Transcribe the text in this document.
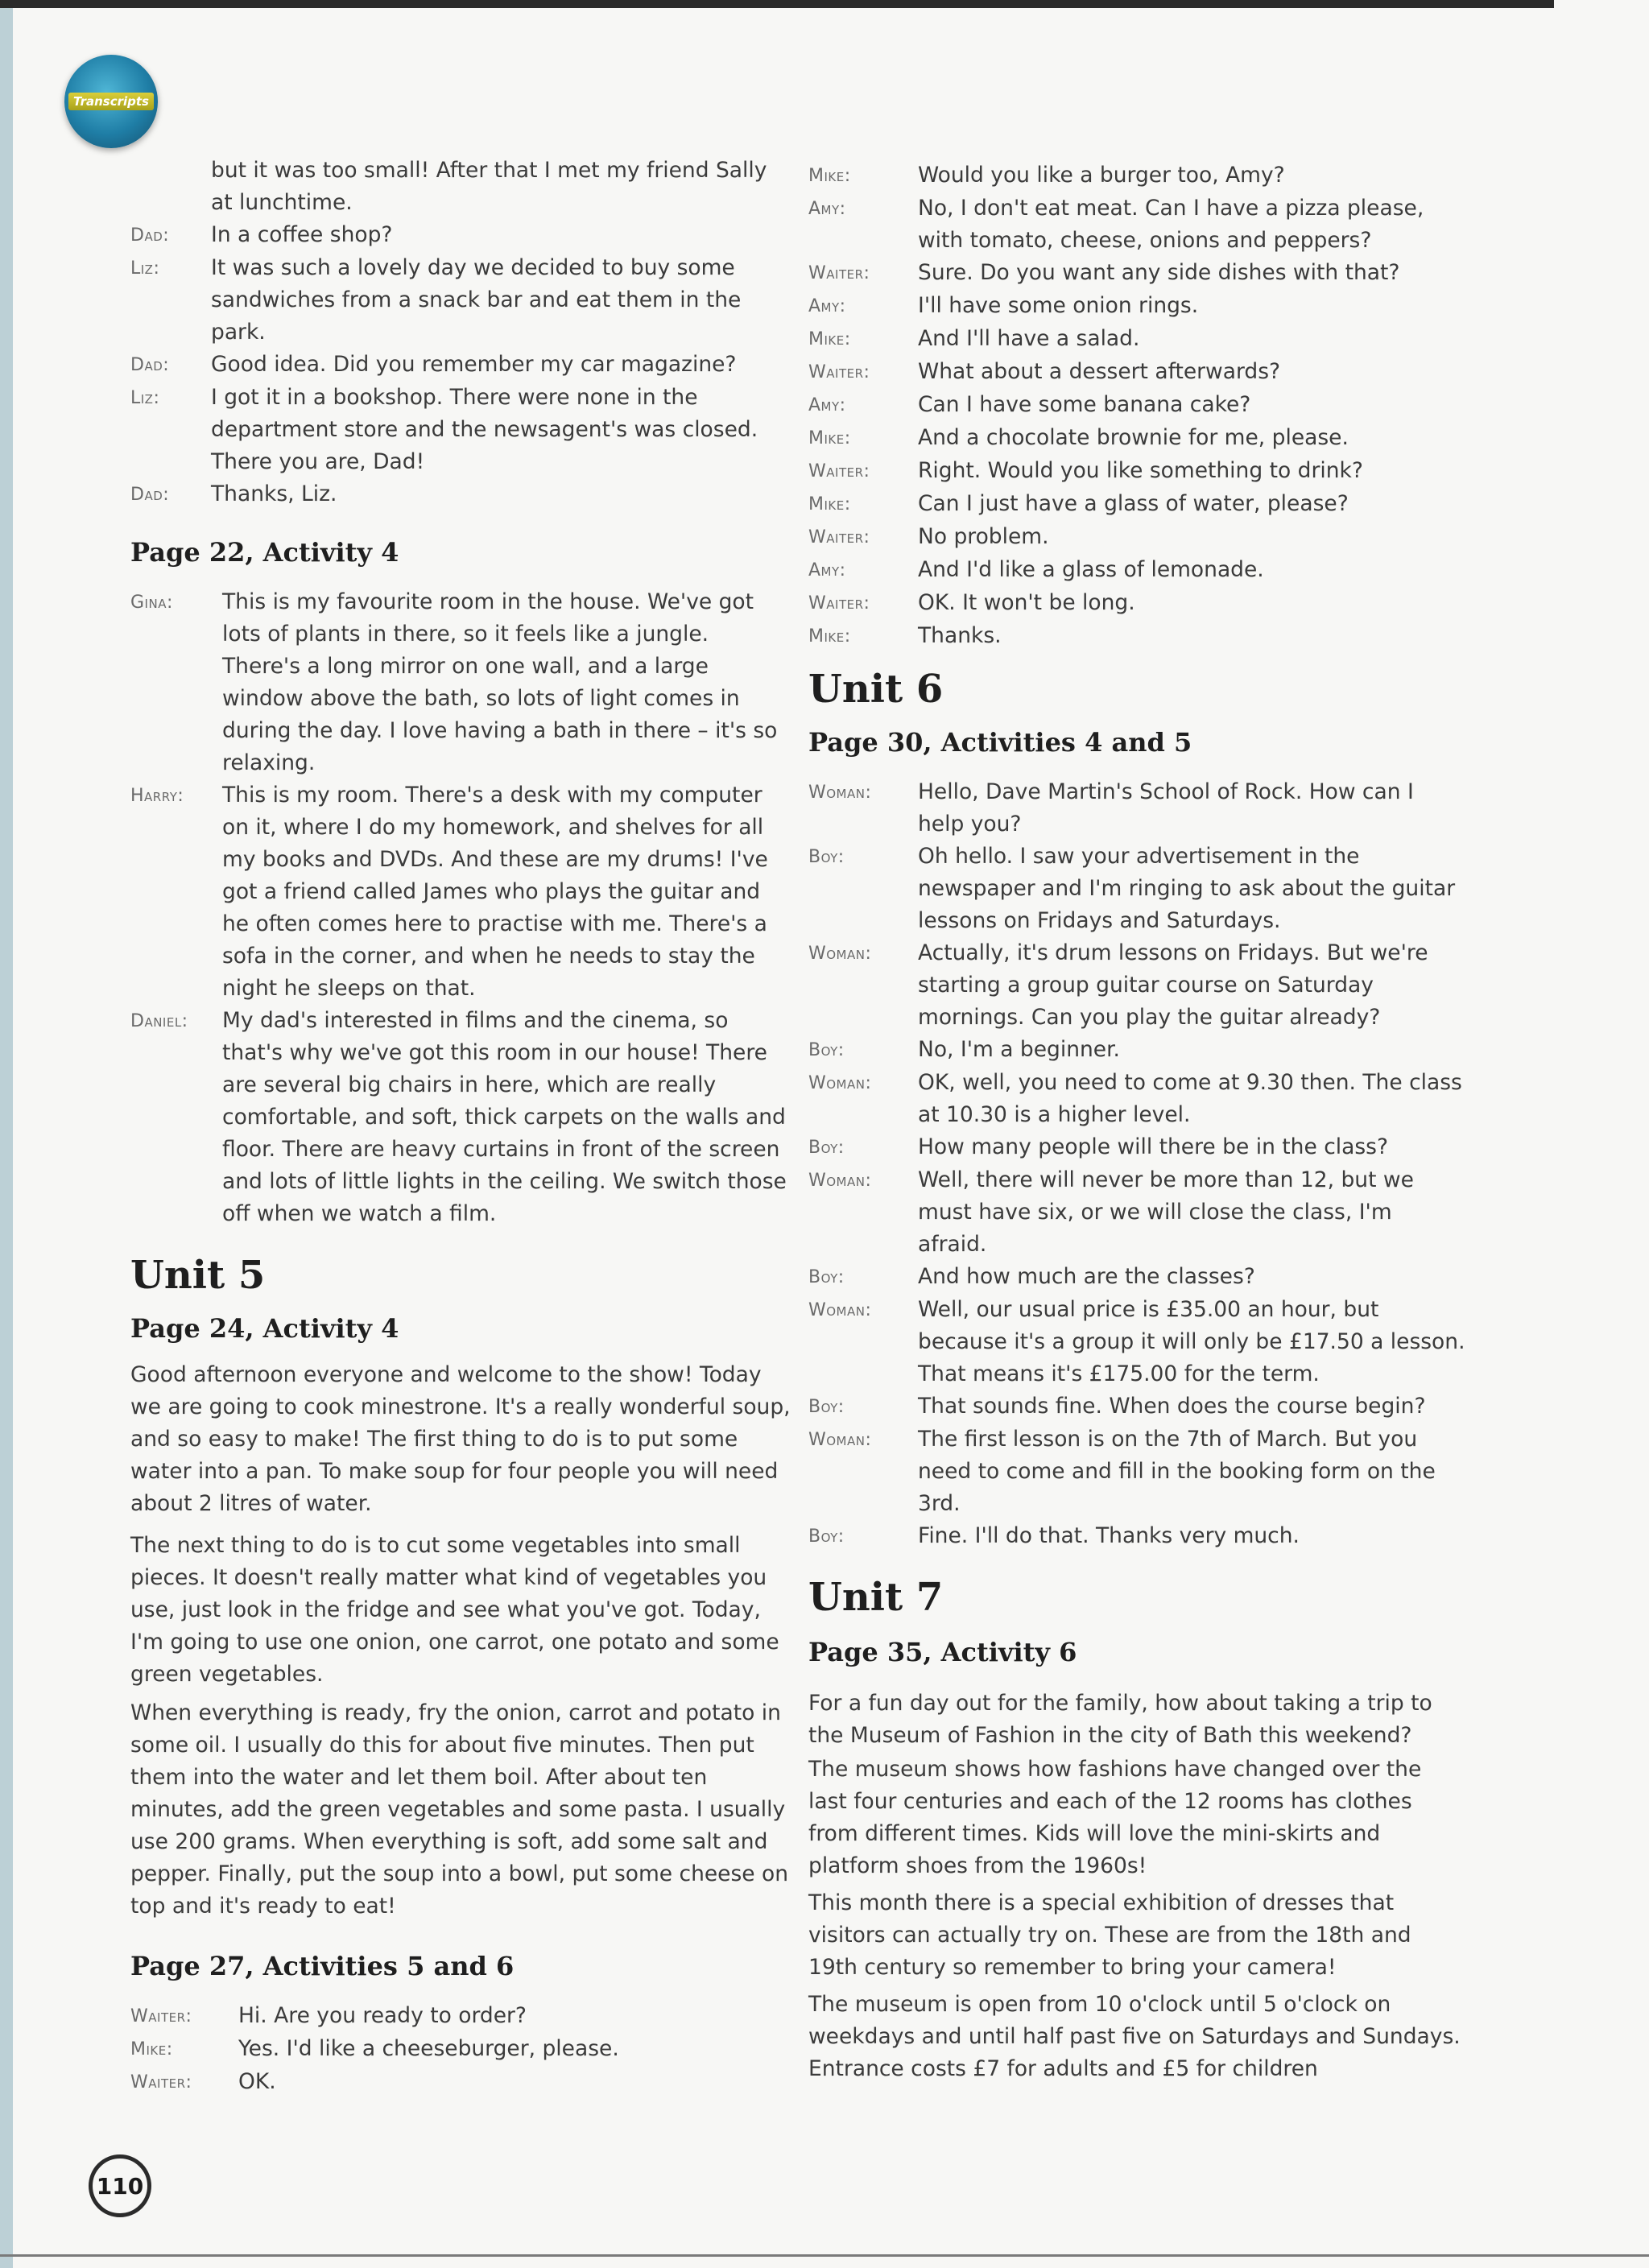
Transcripts
but it was too small! After that I met my friend Sally at lunchtime.
Dad:	In a coffee shop?
Liz:	It was such a lovely day we decided to buy some sandwiches from a snack bar and eat them in the park.
Dad:	Good idea. Did you remember my car magazine?
Liz:	I got it in a bookshop. There were none in the department store and the newsagent's was closed. There you are, Dad!
Dad:	Thanks, Liz.
Page 22, Activity 4
Gina:	This is my favourite room in the house. We've got lots of plants in there, so it feels like a jungle. There's a long mirror on one wall, and a large window above the bath, so lots of light comes in during the day. I love having a bath in there – it's so relaxing.
Harry:	This is my room. There's a desk with my computer on it, where I do my homework, and shelves for all my books and DVDs. And these are my drums! I've got a friend called James who plays the guitar and he often comes here to practise with me. There's a sofa in the corner, and when he needs to stay the night he sleeps on that.
Daniel:	My dad's interested in films and the cinema, so that's why we've got this room in our house! There are several big chairs in here, which are really comfortable, and soft, thick carpets on the walls and floor. There are heavy curtains in front of the screen and lots of little lights in the ceiling. We switch those off when we watch a film.
Unit 5
Page 24, Activity 4

Good afternoon everyone and welcome to the show! Today we are going to cook minestrone. It's a really wonderful soup, and so easy to make! The first thing to do is to put some water into a pan. To make soup for four people you will need about 2 litres of water.

The next thing to do is to cut some vegetables into small pieces. It doesn't really matter what kind of vegetables you use, just look in the fridge and see what you've got. Today, I'm going to use one onion, one carrot, one potato and some green vegetables.

When everything is ready, fry the onion, carrot and potato in some oil. I usually do this for about five minutes. Then put them into the water and let them boil. After about ten minutes, add the green vegetables and some pasta. I usually use 200 grams. When everything is soft, add some salt and pepper. Finally, put the soup into a bowl, put some cheese on top and it's ready to eat!

Page 27, Activities 5 and 6
Waiter:	Hi. Are you ready to order?
Mike:	Yes. I'd like a cheeseburger, please.
Waiter:	OK.
Mike:	Would you like a burger too, Amy?
Amy:	No, I don't eat meat. Can I have a pizza please, with tomato, cheese, onions and peppers?
Waiter:	Sure. Do you want any side dishes with that?
Amy:	I'll have some onion rings.
Mike:	And I'll have a salad.
Waiter:	What about a dessert afterwards?
Amy:	Can I have some banana cake?
Mike:	And a chocolate brownie for me, please.
Waiter:	Right. Would you like something to drink?
Mike:	Can I just have a glass of water, please?
Waiter:	No problem.
Amy:	And I'd like a glass of lemonade.
Waiter:	OK. It won't be long.
Mike:	Thanks.
Unit 6
Page 30, Activities 4 and 5
Woman:	Hello, Dave Martin's School of Rock. How can I help you?
Boy:	Oh hello. I saw your advertisement in the newspaper and I'm ringing to ask about the guitar lessons on Fridays and Saturdays.
Woman:	Actually, it's drum lessons on Fridays. But we're starting a group guitar course on Saturday mornings. Can you play the guitar already?
Boy:	No, I'm a beginner.
Woman:	OK, well, you need to come at 9.30 then. The class at 10.30 is a higher level.
Boy:	How many people will there be in the class?
Woman:	Well, there will never be more than 12, but we must have six, or we will close the class, I'm afraid.
Boy:	And how much are the classes?
Woman:	Well, our usual price is £35.00 an hour, but because it's a group it will only be £17.50 a lesson. That means it's £175.00 for the term.
Boy:	That sounds fine. When does the course begin?
Woman:	The first lesson is on the 7th of March. But you need to come and fill in the booking form on the 3rd.
Boy:	Fine. I'll do that. Thanks very much.
Unit 7
Page 35, Activity 6

For a fun day out for the family, how about taking a trip to the Museum of Fashion in the city of Bath this weekend?

The museum shows how fashions have changed over the last four centuries and each of the 12 rooms has clothes from different times. Kids will love the mini-skirts and platform shoes from the 1960s!

This month there is a special exhibition of dresses that visitors can actually try on. These are from the 18th and 19th century so remember to bring your camera!

The museum is open from 10 o'clock until 5 o'clock on weekdays and until half past five on Saturdays and Sundays. Entrance costs £7 for adults and £5 for children

110
